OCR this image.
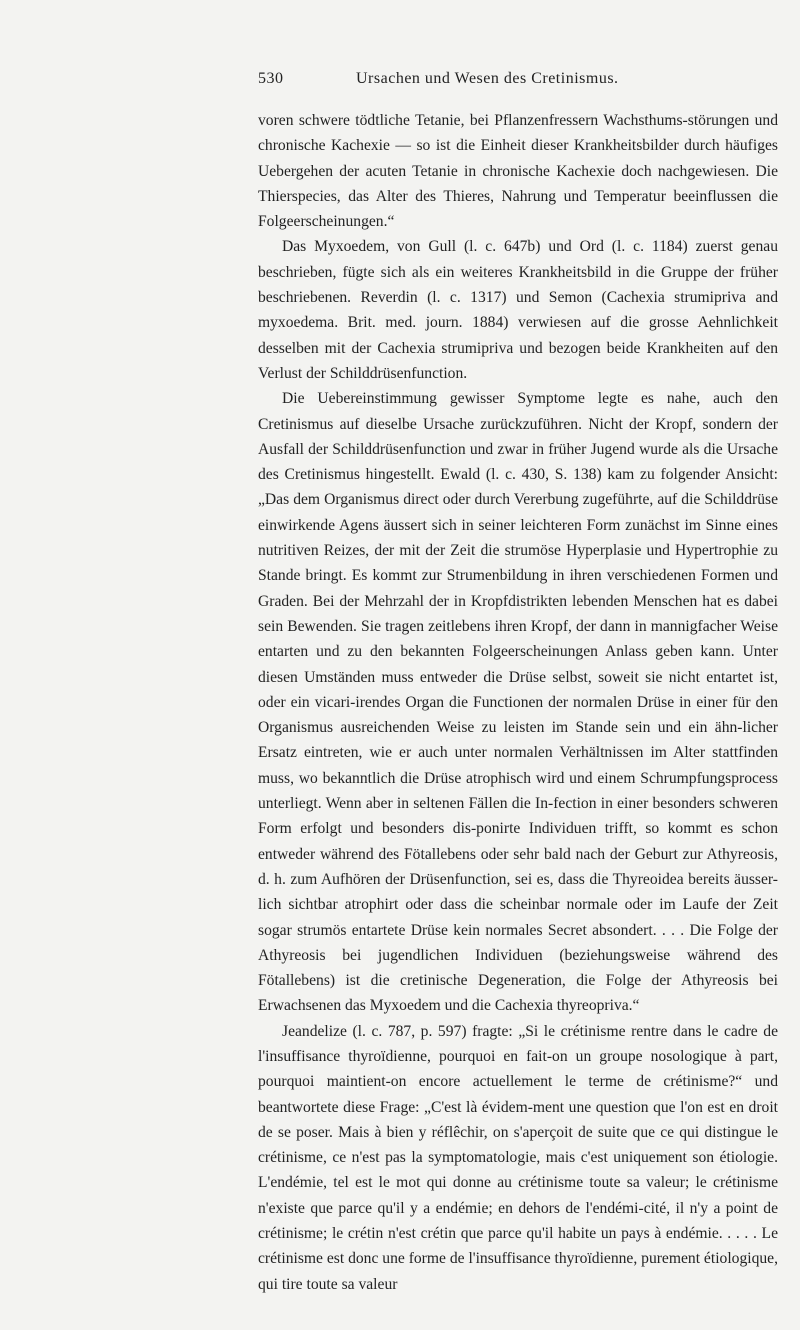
530	Ursachen und Wesen des Cretinismus.

voren schwere tödtliche Tetanie, bei Pflanzenfressern Wachsthums-störungen und chronische Kachexie — so ist die Einheit dieser Krankheitsbilder durch häufiges Uebergehen der acuten Tetanie in chronische Kachexie doch nachgewiesen. Die Thierspecies, das Alter des Thieres, Nahrung und Temperatur beeinflussen die Folgeerscheinungen.“

Das Myxoedem, von Gull (l. c. 647b) und Ord (l. c. 1184) zuerst genau beschrieben, fügte sich als ein weiteres Krankheitsbild in die Gruppe der früher beschriebenen. Reverdin (l. c. 1317) und Semon (Cachexia strumipriva and myxoedema. Brit. med. journ. 1884) verwiesen auf die grosse Aehnlichkeit desselben mit der Cachexia strumipriva und bezogen beide Krankheiten auf den Verlust der Schilddrüsenfunction.

Die Uebereinstimmung gewisser Symptome legte es nahe, auch den Cretinismus auf dieselbe Ursache zurückzuführen. Nicht der Kropf, sondern der Ausfall der Schilddrüsenfunction und zwar in früher Jugend wurde als die Ursache des Cretinismus hingestellt. Ewald (l. c. 430, S. 138) kam zu folgender Ansicht: „Das dem Organismus direct oder durch Vererbung zugeführte, auf die Schilddrüse einwirkende Agens äussert sich in seiner leichteren Form zunächst im Sinne eines nutritiven Reizes, der mit der Zeit die strumöse Hyperplasie und Hypertrophie zu Stande bringt. Es kommt zur Strumenbildung in ihren verschiedenen Formen und Graden. Bei der Mehrzahl der in Kropfdistrikten lebenden Menschen hat es dabei sein Bewenden. Sie tragen zeitlebens ihren Kropf, der dann in mannigfacher Weise entarten und zu den bekannten Folgeerscheinungen Anlass geben kann. Unter diesen Umständen muss entweder die Drüse selbst, soweit sie nicht entartet ist, oder ein vicari-irendes Organ die Functionen der normalen Drüse in einer für den Organismus ausreichenden Weise zu leisten im Stande sein und ein ähn-licher Ersatz eintreten, wie er auch unter normalen Verhältnissen im Alter stattfinden muss, wo bekanntlich die Drüse atrophisch wird und einem Schrumpfungsprocess unterliegt. Wenn aber in seltenen Fällen die In-fection in einer besonders schweren Form erfolgt und besonders dis-ponirte Individuen trifft, so kommt es schon entweder während des Fötallebens oder sehr bald nach der Geburt zur Athyreosis, d. h. zum Aufhören der Drüsenfunction, sei es, dass die Thyreoidea bereits äusser-lich sichtbar atrophirt oder dass die scheinbar normale oder im Laufe der Zeit sogar strumös entartete Drüse kein normales Secret absondert. . . . Die Folge der Athyreosis bei jugendlichen Individuen (beziehungsweise während des Fötallebens) ist die cretinische Degeneration, die Folge der Athyreosis bei Erwachsenen das Myxoedem und die Cachexia thyreopriva.“

Jeandelize (l. c. 787, p. 597) fragte: „Si le crétinisme rentre dans le cadre de l'insuffisance thyroïdienne, pourquoi en fait-on un groupe nosologique à part, pourquoi maintient-on encore actuellement le terme de crétinisme?“ und beantwortete diese Frage: „C'est là évidem-ment une question que l'on est en droit de se poser. Mais à bien y réflêchir, on s'aperçoit de suite que ce qui distingue le crétinisme, ce n'est pas la symptomatologie, mais c'est uniquement son étiologie. L'endémie, tel est le mot qui donne au crétinisme toute sa valeur; le crétinisme n'existe que parce qu'il y a endémie; en dehors de l'endémi-cité, il n'y a point de crétinisme; le crétin n'est crétin que parce qu'il habite un pays à endémie. . . . . Le crétinisme est donc une forme de l'insuffisance thyroïdienne, purement étiologique, qui tire toute sa valeur
